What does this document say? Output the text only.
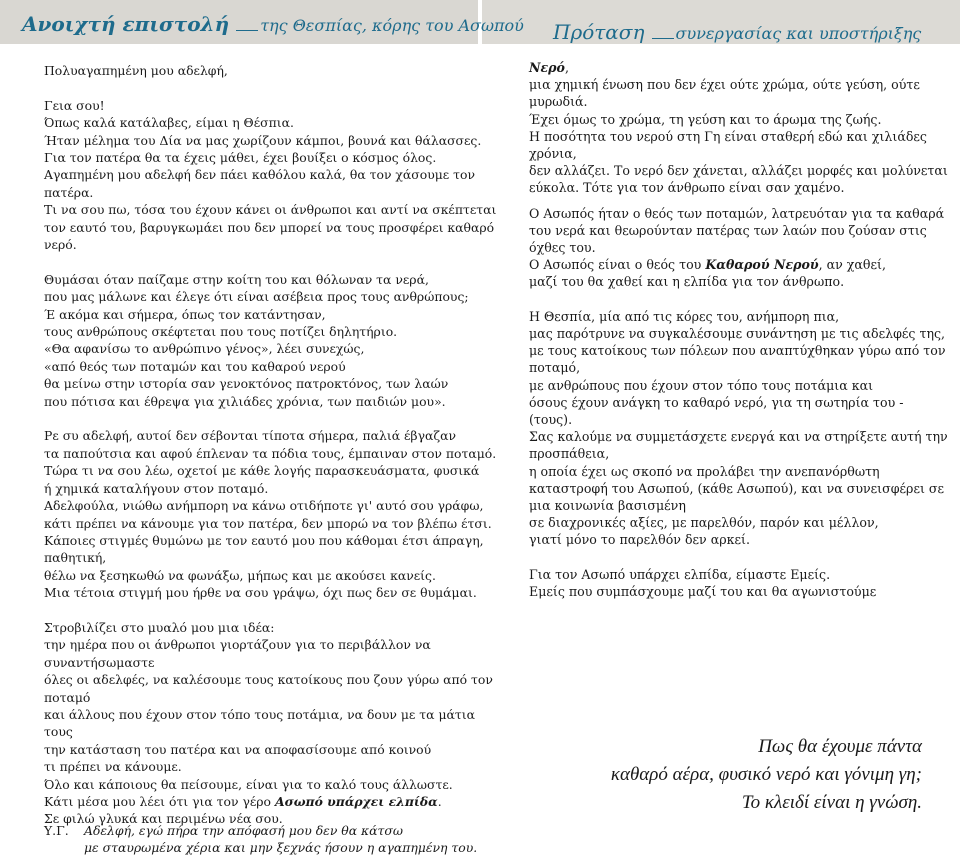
Ανοιχτή επιστολή της Θεσπίας, κόρης του Ασωπού Πρόταση συνεργασίας και υποστήριξης

Πολυαγαπημένη μου αδελφή,

Γεια σου!

Όπως καλά κατάλαβες, είμαι η Θέσπια.

Ήταν μέλημα του Δία να μας χωρίζουν κάμποι, βουνά και θάλασσες.

Για τον πατέρα θα τα έχεις μάθει, έχει βουίξει ο κόσμος όλος.

Αγαπημένη μου αδελφή δεν πάει καθόλου καλά, θα τον χάσουμε τον

πατέρα.

Τι να σου πω, τόσα του έχουν κάνει οι άνθρωποι και αντί να σκέπτεται

τον εαυτό του, βαρυγκωμάει που δεν μπορεί να τους προσφέρει καθαρό

νερό.

Θυμάσαι όταν παίζαμε στην κοίτη του και θόλωναν τα νερά,

που μας μάλωνε και έλεγε ότι είναι ασέβεια προς τους ανθρώπους;

Έ ακόμα και σήμερα, όπως τον κατάντησαν,

τους ανθρώπους σκέφτεται που τους ποτίζει δηλητήριο.

«Θα αφανίσω το ανθρώπινο γένος», λέει συνεχώς,

«από θεός των ποταμών και του καθαρού νερού

θα μείνω στην ιστορία σαν γενοκτόνος πατροκτόνος, των λαών

που πότισα και έθρεψα για χιλιάδες χρόνια, των παιδιών μου».

Ρε συ αδελφή, αυτοί δεν σέβονται τίποτα σήμερα, παλιά έβγαζαν

τα παπούτσια και αφού έπλεναν τα πόδια τους, έμπαιναν στον ποταμό.

Τώρα τι να σου λέω, οχετοί με κάθε λογής παρασκευάσματα, φυσικά

ή χημικά καταλήγουν στον ποταμό.

Αδελφούλα, νιώθω ανήμπορη να κάνω οτιδήποτε γι' αυτό σου γράφω,

κάτι πρέπει να κάνουμε για τον πατέρα, δεν μπορώ να τον βλέπω έτσι.

Κάποιες στιγμές θυμώνω με τον εαυτό μου που κάθομαι έτσι άπραγη,

παθητική,

θέλω να ξεσηκωθώ να φωνάξω, μήπως και με ακούσει κανείς.

Μια τέτοια στιγμή μου ήρθε να σου γράψω, όχι πως δεν σε θυμάμαι.

Στροβιλίζει στο μυαλό μου μια ιδέα:

την ημέρα που οι άνθρωποι γιορτάζουν για το περιβάλλον να

συναντήσωμαστε

όλες οι αδελφές, να καλέσουμε τους κατοίκους που ζουν γύρω από τον

ποταμό

και άλλους που έχουν στον τόπο τους ποτάμια, να δουν με τα μάτια

τους

την κατάσταση του πατέρα και να αποφασίσουμε από κοινού

τι πρέπει να κάνουμε.

Όλο και κάποιους θα πείσουμε, είναι για το καλό τους άλλωστε.

Κάτι μέσα μου λέει ότι για τον γέρο Ασωπό υπάρχει ελπίδα.

Σε φιλώ γλυκά και περιμένω νέα σου.

Υ.Γ. Αδελφή, εγώ πήρα την απόφασή μου δεν θα κάτσω

με σταυρωμένα χέρια και μην ξεχνάς ήσουν η αγαπημένη του.

Νερό,

μια χημική ένωση που δεν έχει ούτε χρώμα, ούτε γεύση, ούτε

μυρωδιά.

Έχει όμως το χρώμα, τη γεύση και το άρωμα της ζωής.

Η ποσότητα του νερού στη Γη είναι σταθερή εδώ και χιλιάδες

χρόνια,

δεν αλλάζει. Το νερό δεν χάνεται, αλλάζει μορφές και μολύνεται

εύκολα. Τότε για τον άνθρωπο είναι σαν χαμένο.

Ο Ασωπός ήταν ο θεός των ποταμών, λατρευόταν για τα καθαρά

του νερά και θεωρούνταν πατέρας των λαών που ζούσαν στις

όχθες του.

Ο Ασωπός είναι ο θεός του Καθαρού Νερού, αν χαθεί,

μαζί του θα χαθεί και η ελπίδα για τον άνθρωπο.

Η Θεσπία, μία από τις κόρες του, ανήμπορη πια,

μας παρότρυνε να συγκαλέσουμε συνάντηση με τις αδελφές της,

με τους κατοίκους των πόλεων που αναπτύχθηκαν γύρω από τον

ποταμό,

με ανθρώπους που έχουν στον τόπο τους ποτάμια και

όσους έχουν ανάγκη το καθαρό νερό, για τη σωτηρία του -

(τους).

Σας καλούμε να συμμετάσχετε ενεργά και να στηρίξετε αυτή την

προσπάθεια,

η οποία έχει ως σκοπό να προλάβει την ανεπανόρθωτη

καταστροφή του Ασωπού, (κάθε Ασωπού), και να συνεισφέρει σε

μια κοινωνία βασισμένη

σε διαχρονικές αξίες, με παρελθόν, παρόν και μέλλον,

γιατί μόνο το παρελθόν δεν αρκεί.

Για τον Ασωπό υπάρχει ελπίδα, είμαστε Εμείς.

Εμείς που συμπάσχουμε μαζί του και θα αγωνιστούμε

Πως θα έχουμε πάντα

καθαρό αέρα, φυσικό νερό και γόνιμη γη;

Το κλειδί είναι η γνώση.
